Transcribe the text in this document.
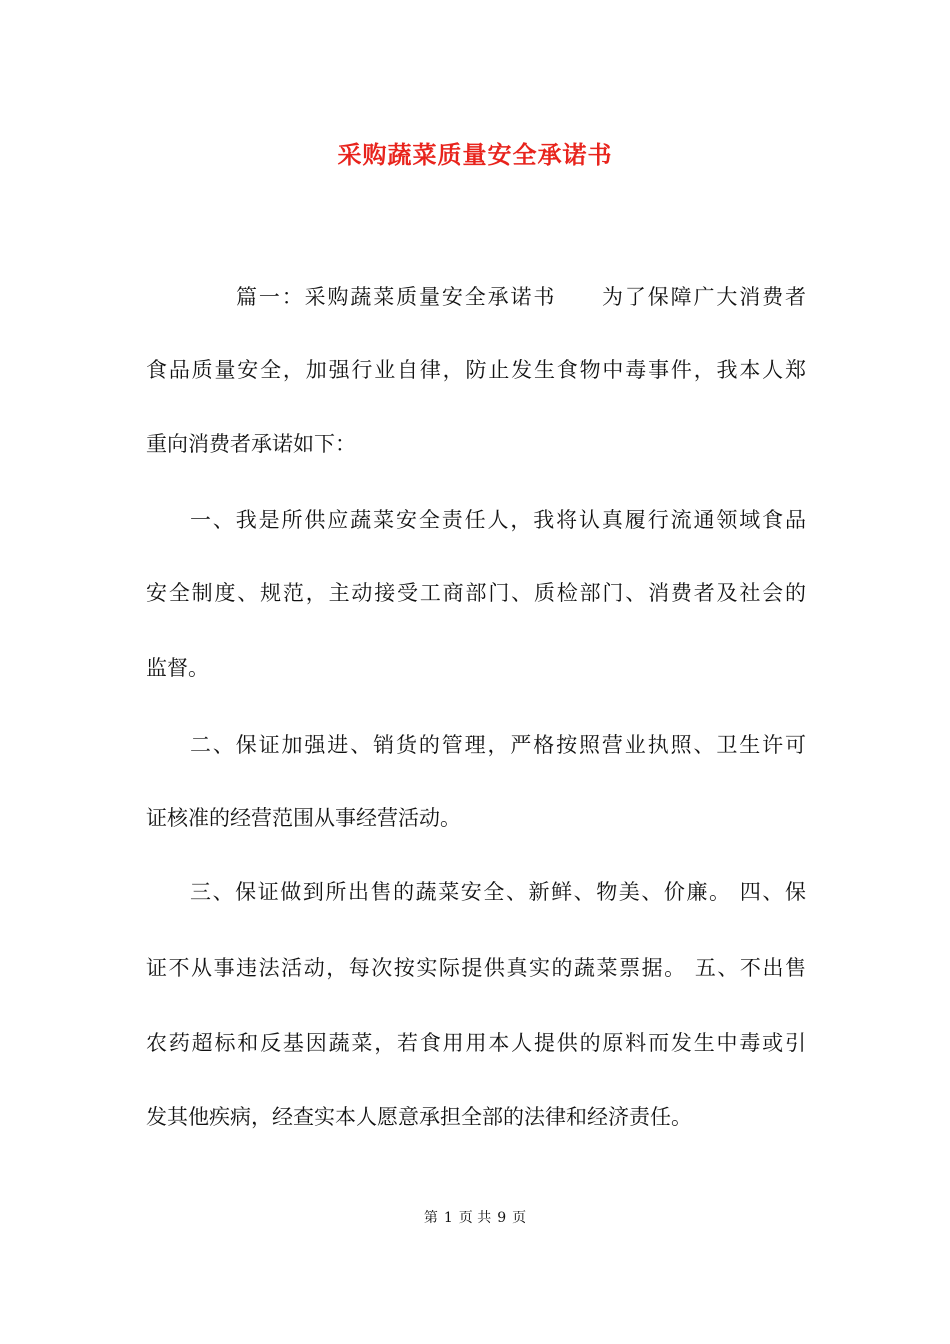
采购蔬菜质量安全承诺书
篇一：采购蔬菜质量安全承诺书　　为了保障广大消费者
食品质量安全，加强行业自律，防止发生食物中毒事件，我本人郑
重向消费者承诺如下：
一、我是所供应蔬菜安全责任人，我将认真履行流通领域食品
安全制度、规范，主动接受工商部门、质检部门、消费者及社会的
监督。
二、保证加强进、销货的管理，严格按照营业执照、卫生许可
证核准的经营范围从事经营活动。
三、保证做到所出售的蔬菜安全、新鲜、物美、价廉。 四、保
证不从事违法活动，每次按实际提供真实的蔬菜票据。 五、不出售
农药超标和反基因蔬菜，若食用用本人提供的原料而发生中毒或引
发其他疾病，经查实本人愿意承担全部的法律和经济责任。
第 1 页 共 9 页
